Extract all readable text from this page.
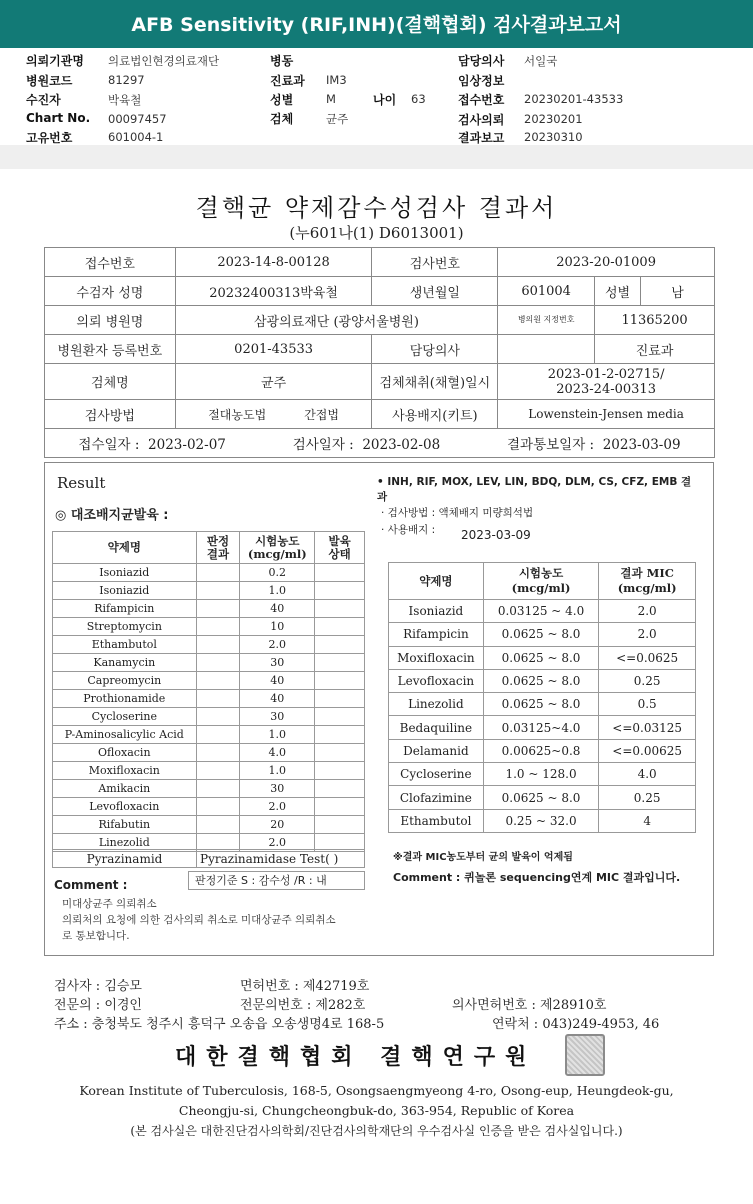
AFB Sensitivity (RIF,INH)(결핵협회) 검사결과보고서
의뢰기관명 의료법인현경의료재단
병원코드	81297
수진자	박육철
Chart No. 00097457
고유번호	601004-1
병동
진료과 IM3
성별	M	나이 63
검체	균주
담당의사 서일국
임상정보
접수번호 20230201-43533
검사의뢰 20230201
결과보고 20230310
결핵균 약제감수성검사 결과서
(누601나(1) D6013001)
접수번호	2023-14-8-00128	검사번호	2023-20-01009		
수검자 성명	20232400313박육철	생년월일	601004	성별	남
의뢰 병원명	삼광의료재단 (광양서울병원)		병의원 지정번호	11365200	
병원환자 등록번호	0201-43533	담당의사		진료과	
검체명	균주	검체채취(채혈)일시	2023-01-2-02715/
2023-24-00313		
검사방법	절대농도법 간접법	사용배지(키트)	Lowenstein-Jensen media		

접수일자 : 2023-02-07 검사일자 : 2023-02-08 결과통보일자 : 2023-03-09					
Result
◎ 대조배지균발육 :
약제명	판정
결과	시험농도
(mcg/ml)	발육
상태
Isoniazid		0.2	
Isoniazid		1.0	
Rifampicin		40	
Streptomycin		10	
Ethambutol		2.0	
Kanamycin		30	
Capreomycin		40	
Prothionamide		40	
Cycloserine		30	
P-Aminosalicylic Acid		1.0	
Ofloxacin		4.0	
Moxifloxacin		1.0	
Amikacin		30	
Levofloxacin		2.0	
Rifabutin		20	
Linezolid		2.0	
Pyrazinamid	Pyrazinamidase Test( )
판정기준 S : 감수성 /R : 내
Comment :
미대상균주 의뢰취소
의뢰처의 요청에 의한 검사의뢰 취소로 미대상균주 의뢰취소
로 통보합니다.
• INH, RIF, MOX, LEV, LIN, BDQ, DLM, CS, CFZ, EMB 결
과
· 검사방법 : 액체배지 미량희석법
· 사용배지 : 2023-03-09
약제명	시험농도
(mcg/ml)	결과 MIC
(mcg/ml)
Isoniazid	0.03125 ~ 4.0	2.0
Rifampicin	0.0625 ~ 8.0	2.0
Moxifloxacin	0.0625 ~ 8.0	<=0.0625
Levofloxacin	0.0625 ~ 8.0	0.25
Linezolid	0.0625 ~ 8.0	0.5
Bedaquiline	0.03125~4.0	<=0.03125
Delamanid	0.00625~0.8	<=0.00625
Cycloserine	1.0 ~ 128.0	4.0
Clofazimine	0.0625 ~ 8.0	0.25
Ethambutol	0.25 ~ 32.0	4
※결과 MIC농도부터 균의 발육이 억제됨
Comment : 퀴놀론 sequencing연계 MIC 결과입니다.
검사자 : 김승모	면허번호 : 제42719호
전문의 : 이경인	전문의번호 : 제282호	의사면허번호 : 제28910호
주소 : 충청북도 청주시 흥덕구 오송읍 오송생명4로 168-5	연락처 : 043)249-4953, 46
대한결핵협회 결핵연구원
Korean Institute of Tuberculosis, 168-5, Osongsaengmyeong 4-ro, Osong-eup, Heungdeok-gu,
Cheongju-si, Chungcheongbuk-do, 363-954, Republic of Korea
(본 검사실은 대한진단검사의학회/진단검사의학재단의 우수검사실 인증을 받은 검사실입니다.)
